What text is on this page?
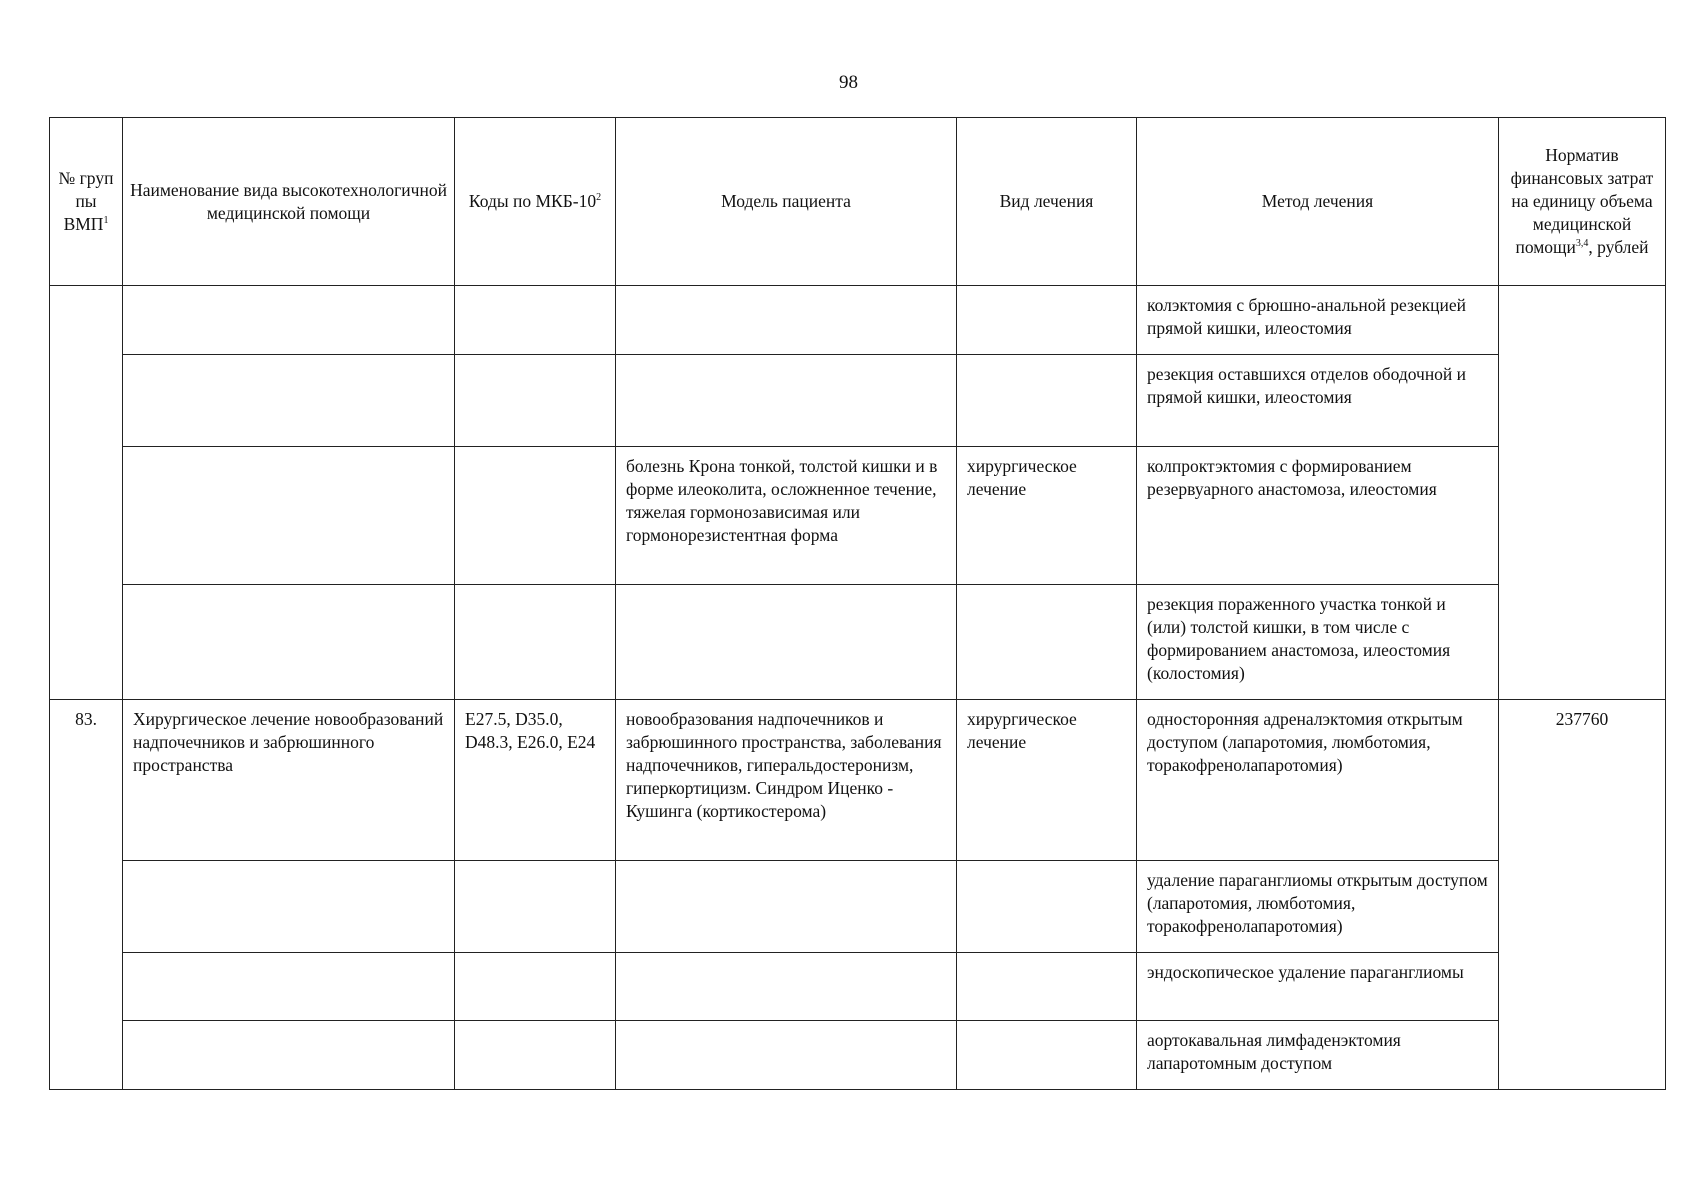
98
№ груп пы ВМП$^1$	Наименование вида высокотехнологичной медицинской помощи	Коды по МКБ-$10^2$	Модель пациента	Вид лечения	Метод лечения	Норматив финансовых затрат на единицу объема медицинской помощи$^{3,4}$, рублей
					колэктомия с брюшно-анальной резекцией прямой кишки, илеостомия	
					резекция оставшихся отделов ободочной и прямой кишки, илеостомия	
			болезнь Крона тонкой, толстой кишки и в форме илеоколита, осложненное течение, тяжелая гормонозависимая или гормонорезистентная форма	хирургическое лечение	колпроктэктомия с формированием резервуарного анастомоза, илеостомия	
					резекция пораженного участка тонкой и (или) толстой кишки, в том числе с формированием анастомоза, илеостомия (колостомия)	
83.	Хирургическое лечение новообразований надпочечников и забрюшинного пространства	E27.5, D35.0, D48.3, E26.0, E24	новообразования надпочечников и забрюшинного пространства, заболевания надпочечников, гиперальдостеронизм, гиперкортицизм. Синдром Иценко - Кушинга (кортикостерома)	хирургическое лечение	односторонняя адреналэктомия открытым доступом (лапаротомия, люмботомия, торакофренолапаротомия)	237760
					удаление параганглиомы открытым доступом (лапаротомия, люмботомия, торакофренолапаротомия)	
					эндоскопическое удаление параганглиомы	
					аортокавальная лимфаденэктомия лапаротомным доступом	
